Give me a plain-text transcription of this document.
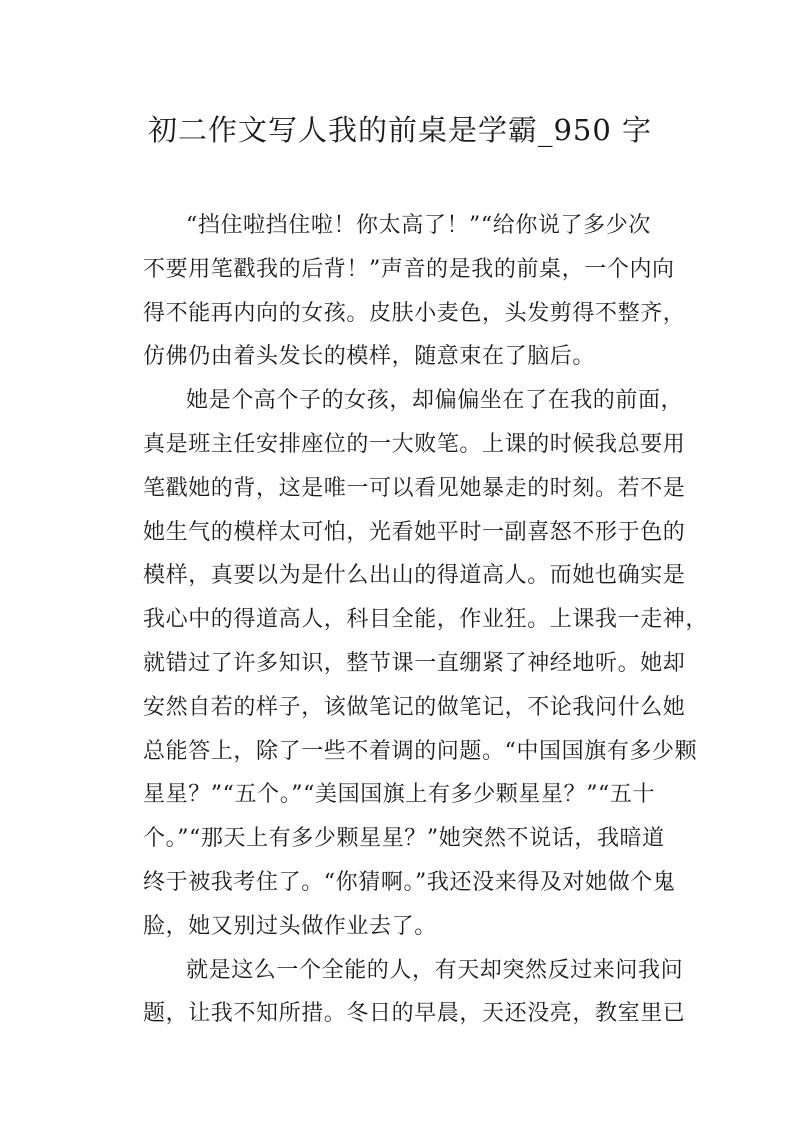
初二作文写人我的前桌是学霸_950 字
“挡住啦挡住啦！你太高了！”“给你说了多少次
不要用笔戳我的后背！”声音的是我的前桌，一个内向
得不能再内向的女孩。皮肤小麦色，头发剪得不整齐，
仿佛仍由着头发长的模样，随意束在了脑后。
她是个高个子的女孩，却偏偏坐在了在我的前面，
真是班主任安排座位的一大败笔。上课的时候我总要用
笔戳她的背，这是唯一可以看见她暴走的时刻。若不是
她生气的模样太可怕，光看她平时一副喜怒不形于色的
模样，真要以为是什么出山的得道高人。而她也确实是
我心中的得道高人，科目全能，作业狂。上课我一走神，
就错过了许多知识，整节课一直绷紧了神经地听。她却
安然自若的样子，该做笔记的做笔记，不论我问什么她
总能答上，除了一些不着调的问题。“中国国旗有多少颗
星星？”“五个。”“美国国旗上有多少颗星星？”“五十
个。”“那天上有多少颗星星？”她突然不说话，我暗道
终于被我考住了。“你猜啊。”我还没来得及对她做个鬼
脸，她又别过头做作业去了。
就是这么一个全能的人，有天却突然反过来问我问
题，让我不知所措。冬日的早晨，天还没亮，教室里已
